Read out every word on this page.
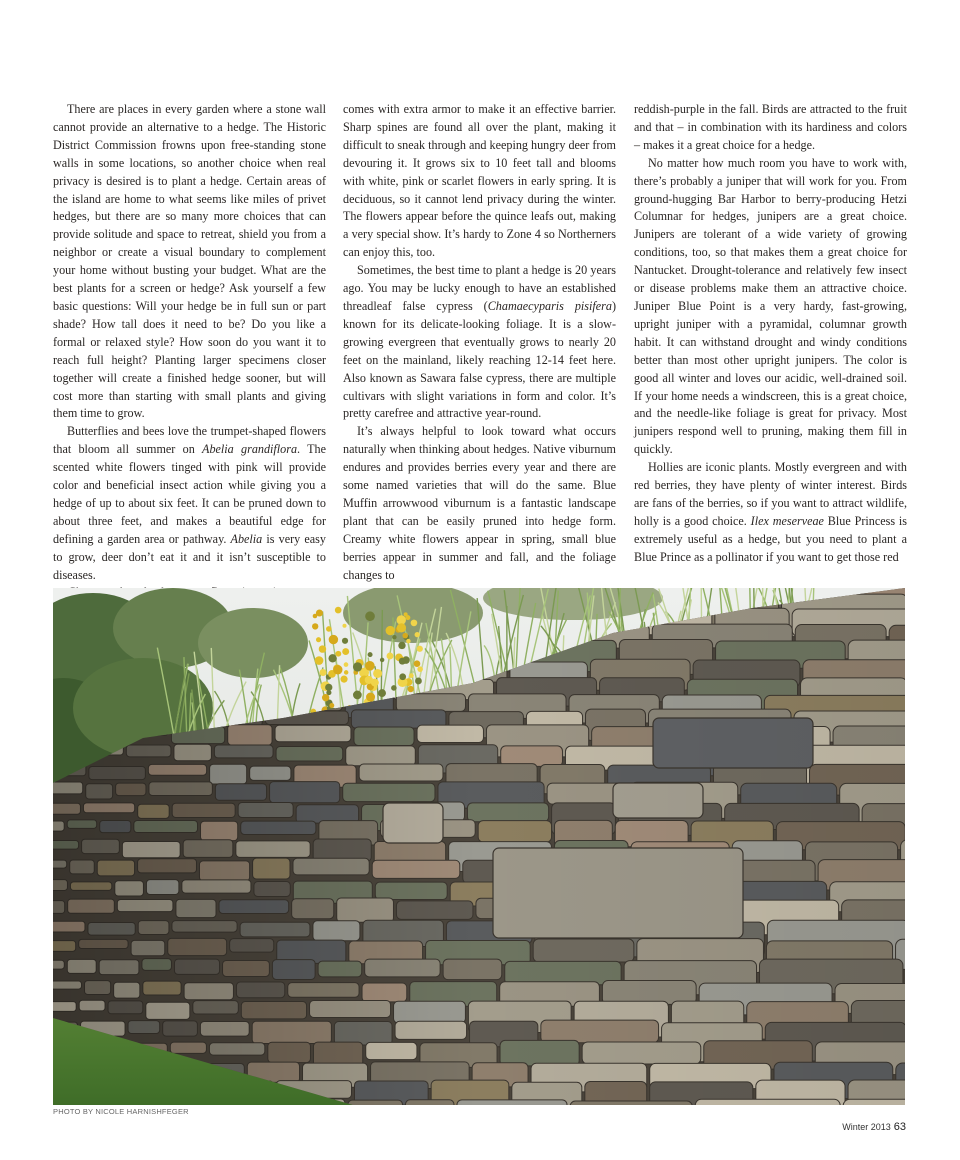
There are places in every garden where a stone wall cannot provide an alternative to a hedge. The Historic District Commission frowns upon free-standing stone walls in some locations, so another choice when real privacy is desired is to plant a hedge. Certain areas of the island are home to what seems like miles of privet hedges, but there are so many more choices that can provide solitude and space to retreat, shield you from a neighbor or create a visual boundary to complement your home without busting your budget. What are the best plants for a screen or hedge? Ask yourself a few basic questions: Will your hedge be in full sun or part shade? How tall does it need to be? Do you like a formal or relaxed style? How soon do you want it to reach full height? Planting larger specimens closer together will create a finished hedge sooner, but will cost more than starting with small plants and giving them time to grow.

Butterflies and bees love the trumpet-shaped flowers that bloom all summer on Abelia grandiflora. The scented white flowers tinged with pink will provide color and beneficial insect action while giving you a hedge of up to about six feet. It can be pruned down to about three feet, and makes a beautiful edge for defining a garden area or pathway. Abelia is very easy to grow, deer don’t eat it and it isn’t susceptible to diseases.

comes with extra armor to make it an effective barrier. Sharp spines are found all over the plant, making it difficult to sneak through and keeping hungry deer from devouring it. It grows six to 10 feet tall and blooms with white, pink or scarlet flowers in early spring. It is deciduous, so it cannot lend privacy during the winter. The flowers appear before the quince leafs out, making a very special show. It’s hardy to Zone 4 so Northerners can enjoy this, too.

Sometimes, the best time to plant a hedge is 20 years ago. You may be lucky enough to have an established threadleaf false cypress (Chamaecyparis pisifera) known for its delicate-looking foliage. It is a slow-growing evergreen that eventually grows to nearly 20 feet on the mainland, likely reaching 12-14 feet here. Also known as Sawara false cypress, there are multiple cultivars with slight variations in form and color. It’s pretty carefree and attractive year-round.

It’s always helpful to look toward what occurs naturally when thinking about hedges. Native viburnum endures and provides berries every year and there are some named varieties that will do the same. Blue Muffin arrowwood viburnum is a fantastic landscape plant that can be easily pruned into hedge form. Creamy white flowers appear in spring, small blue berries appear in summer and fall, and the foliage changes to

reddish-purple in the fall. Birds are attracted to the fruit and that – in combination with its hardiness and colors – makes it a great choice for a hedge.

No matter how much room you have to work with, there’s probably a juniper that will work for you. From ground-hugging Bar Harbor to berry-producing Hetzi Columnar for hedges, junipers are a great choice. Junipers are tolerant of a wide variety of growing conditions, too, so that makes them a great choice for Nantucket. Drought-tolerance and relatively few insect or disease problems make them an attractive choice. Juniper Blue Point is a very hardy, fast-growing, upright juniper with a pyramidal, columnar growth habit. It can withstand drought and windy conditions better than most other upright junipers. The color is good all winter and loves our acidic, well-drained soil. If your home needs a windscreen, this is a great choice, and the needle-like foliage is great for privacy. Most junipers respond well to pruning, making them fill in quickly.

Hollies are iconic plants. Mostly evergreen and with red berries, they have plenty of winter interest. Birds are fans of the berries, so if you want to attract wildlife, holly is a good choice. Ilex meserveae Blue Princess is extremely useful as a hedge, but you need to plant a Blue Prince as a pollinator if you want to get those red

PHOTO BY NICOLE HARNISHFEGER
Winter 2013 63
